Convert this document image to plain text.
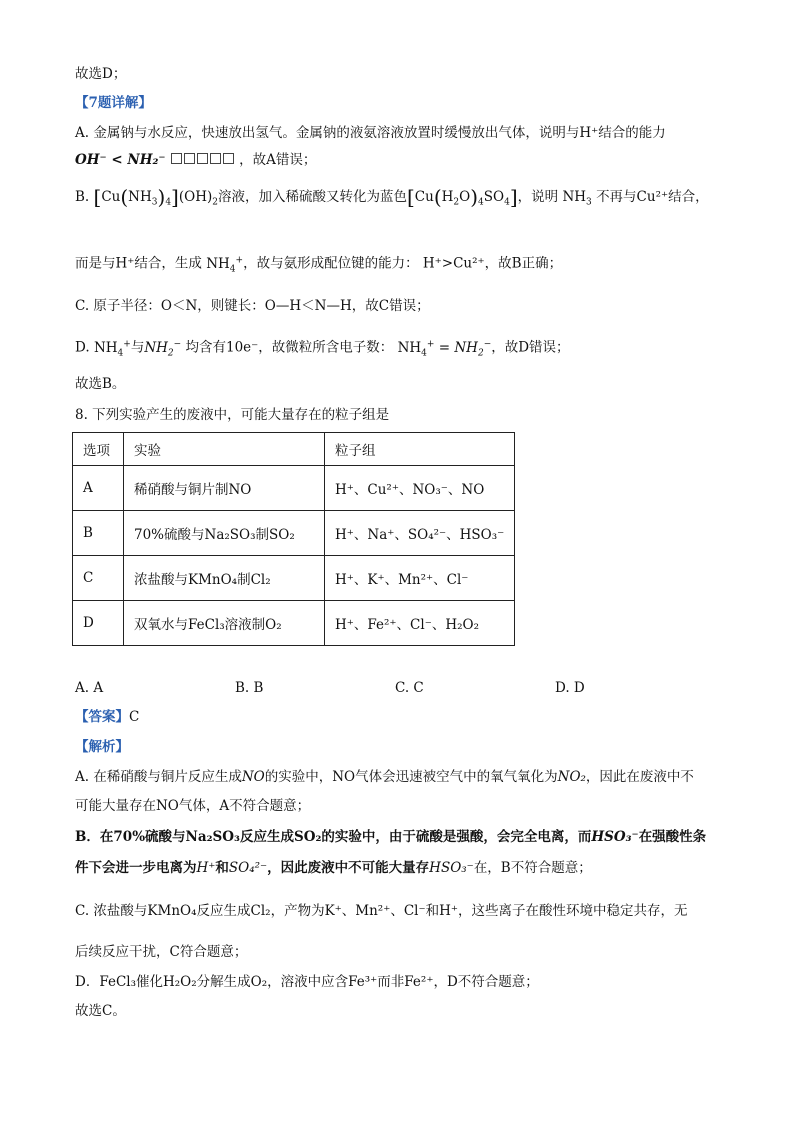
故选D；
【7题详解】
A. 金属钠与水反应，快速放出氢气。金属钠的液氨溶液放置时缓慢放出气体，说明与H⁺结合的能力
OH⁻ < NH₂⁻	，故A错误；
B. $[Cu(NH_3)_4](OH)_2$溶液，加入稀硫酸又转化为蓝色$[Cu(H_2O)_4SO_4]$，说明 $NH_3$ 不再与Cu²⁺结合，
而是与H⁺结合，生成 $NH_4^+$，故与氨形成配位键的能力： H⁺>Cu²⁺，故B正确；
C. 原子半径：O＜N，则键长：O—H＜N—H，故C错误；
D. $NH_4^+$与$NH_2^-$ 均含有10e⁻，故微粒所含电子数： $NH_4^+ = NH_2^-$，故D错误；
故选B。
8. 下列实验产生的废液中，可能大量存在的粒子组是
选项	实验	粒子组
A	稀硝酸与铜片制NO	H⁺、Cu²⁺、NO₃⁻、NO
B	70%硫酸与Na₂SO₃制SO₂	H⁺、Na⁺、SO₄²⁻、HSO₃⁻
C	浓盐酸与KMnO₄制Cl₂	H⁺、K⁺、Mn²⁺、Cl⁻
D	双氧水与FeCl₃溶液制O₂	H⁺、Fe²⁺、Cl⁻、H₂O₂
A. A	B. B	C. C	D. D
【答案】C
【解析】
A. 在稀硝酸与铜片反应生成NO的实验中，NO气体会迅速被空气中的氧气氧化为NO₂，因此在废液中不
可能大量存在NO气体，A不符合题意；
B．在70%硫酸与Na₂SO₃反应生成SO₂的实验中，由于硫酸是强酸，会完全电离，而HSO₃⁻在强酸性条
件下会进一步电离为H⁺和SO₄²⁻，因此废液中不可能大量存HSO₃⁻在，B不符合题意；
C. 浓盐酸与KMnO₄反应生成Cl₂，产物为K⁺、Mn²⁺、Cl⁻和H⁺，这些离子在酸性环境中稳定共存，无
后续反应干扰，C符合题意；
D．FeCl₃催化H₂O₂分解生成O₂，溶液中应含Fe³⁺而非Fe²⁺，D不符合题意；
故选C。
